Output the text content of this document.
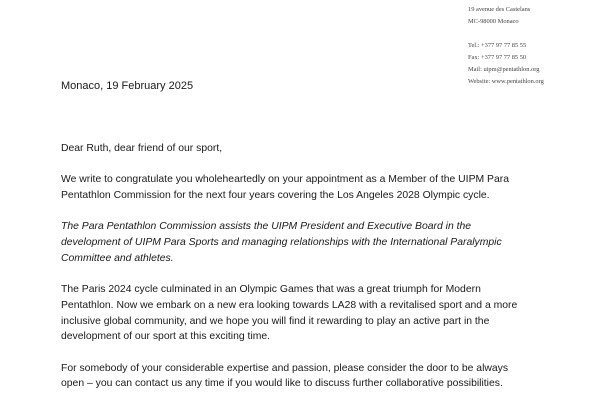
19 avenue des Castelans
MC-98000 Monaco
Tel.: +377 97 77 85 55
Fax: +377 97 77 85 50
Mail: uipm@pentathlon.org
Website: www.pentathlon.org
Monaco, 19 February 2025

Dear Ruth, dear friend of our sport,

We write to congratulate you wholeheartedly on your appointment as a Member of the UIPM Para
Pentathlon Commission for the next four years covering the Los Angeles 2028 Olympic cycle.

The Para Pentathlon Commission assists the UIPM President and Executive Board in the
development of UIPM Para Sports and managing relationships with the International Paralympic
Committee and athletes.

The Paris 2024 cycle culminated in an Olympic Games that was a great triumph for Modern
Pentathlon. Now we embark on a new era looking towards LA28 with a revitalised sport and a more
inclusive global community, and we hope you will find it rewarding to play an active part in the
development of our sport at this exciting time.

For somebody of your considerable expertise and passion, please consider the door to be always
open – you can contact us any time if you would like to discuss further collaborative possibilities.
